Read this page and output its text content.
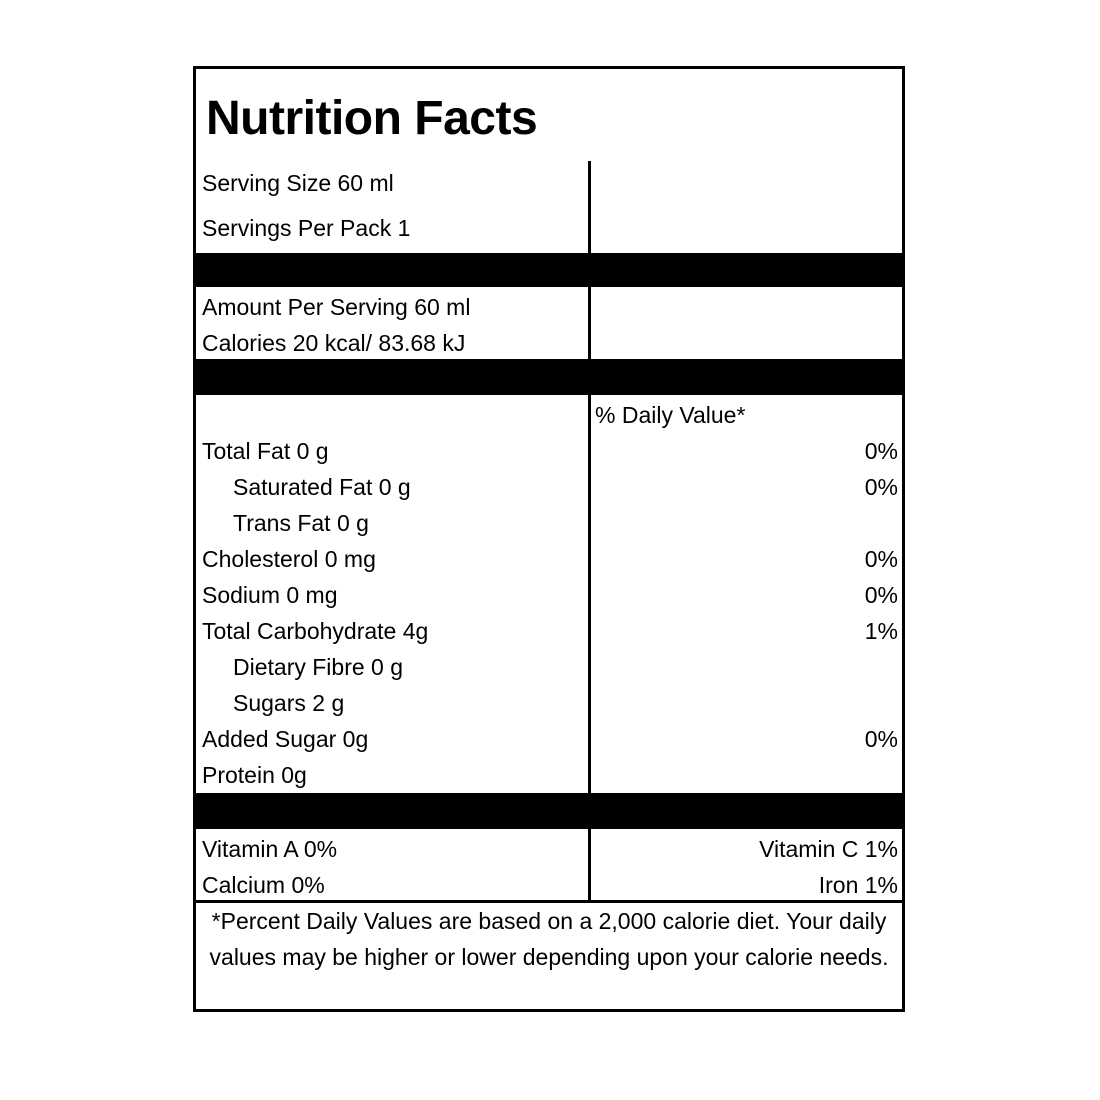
Nutrition Facts
Serving Size 60 ml
Servings Per Pack 1
Amount Per Serving 60 ml
Calories 20 kcal/ 83.68 kJ
% Daily Value*
Total Fat 0 g	0%
Saturated Fat 0 g	0%
Trans Fat 0 g
Cholesterol 0 mg	0%
Sodium 0 mg	0%
Total Carbohydrate 4g	1%
Dietary Fibre 0 g
Sugars 2 g
Added Sugar 0g	0%
Protein 0g
Vitamin A 0%	Vitamin C 1%
Calcium 0%	Iron 1%
*Percent Daily Values are based on a 2,000 calorie diet. Your daily values may be higher or lower depending upon your calorie needs.
